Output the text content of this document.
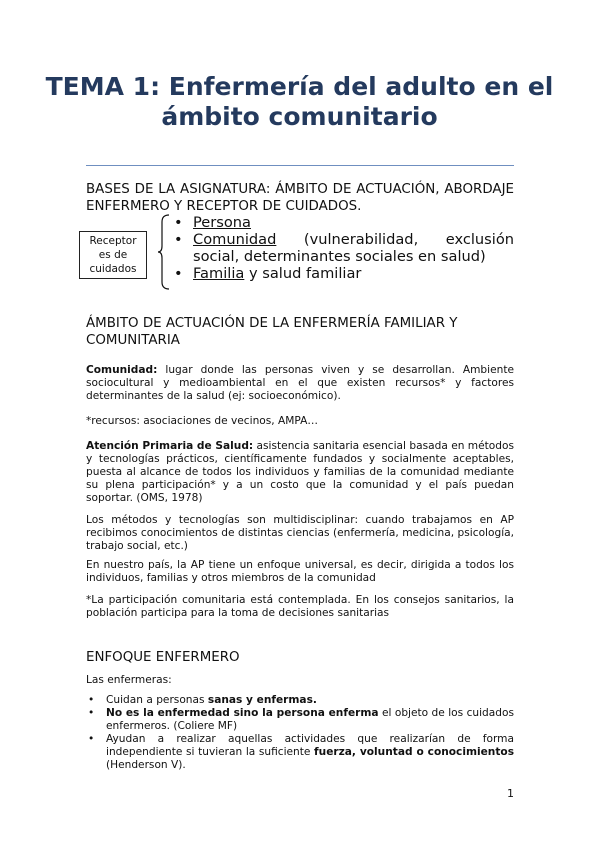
TEMA 1: Enfermería del adulto en el ámbito comunitario
BASES DE LA ASIGNATURA: ÁMBITO DE ACTUACIÓN, ABORDAJE ENFERMERO Y RECEPTOR DE CUIDADOS.
Receptor es de cuidados
• Persona
• Comunidad (vulnerabilidad, exclusión social, determinantes sociales en salud)
• Familia y salud familiar
ÁMBITO DE ACTUACIÓN DE LA ENFERMERÍA FAMILIAR Y COMUNITARIA
Comunidad: lugar donde las personas viven y se desarrollan. Ambiente sociocultural y medioambiental en el que existen recursos* y factores determinantes de la salud (ej: socioeconómico).
*recursos: asociaciones de vecinos, AMPA…
Atención Primaria de Salud: asistencia sanitaria esencial basada en métodos y tecnologías prácticos, científicamente fundados y socialmente aceptables, puesta al alcance de todos los individuos y familias de la comunidad mediante su plena participación* y a un costo que la comunidad y el país puedan soportar. (OMS, 1978)
Los métodos y tecnologías son multidisciplinar: cuando trabajamos en AP recibimos conocimientos de distintas ciencias (enfermería, medicina, psicología, trabajo social, etc.)
En nuestro país, la AP tiene un enfoque universal, es decir, dirigida a todos los individuos, familias y otros miembros de la comunidad
*La participación comunitaria está contemplada. En los consejos sanitarios, la población participa para la toma de decisiones sanitarias
ENFOQUE ENFERMERO
Las enfermeras:
• Cuidan a personas sanas y enfermas.
• No es la enfermedad sino la persona enferma el objeto de los cuidados enfermeros. (Coliere MF)
• Ayudan a realizar aquellas actividades que realizarían de forma independiente si tuvieran la suficiente fuerza, voluntad o conocimientos (Henderson V).
1
